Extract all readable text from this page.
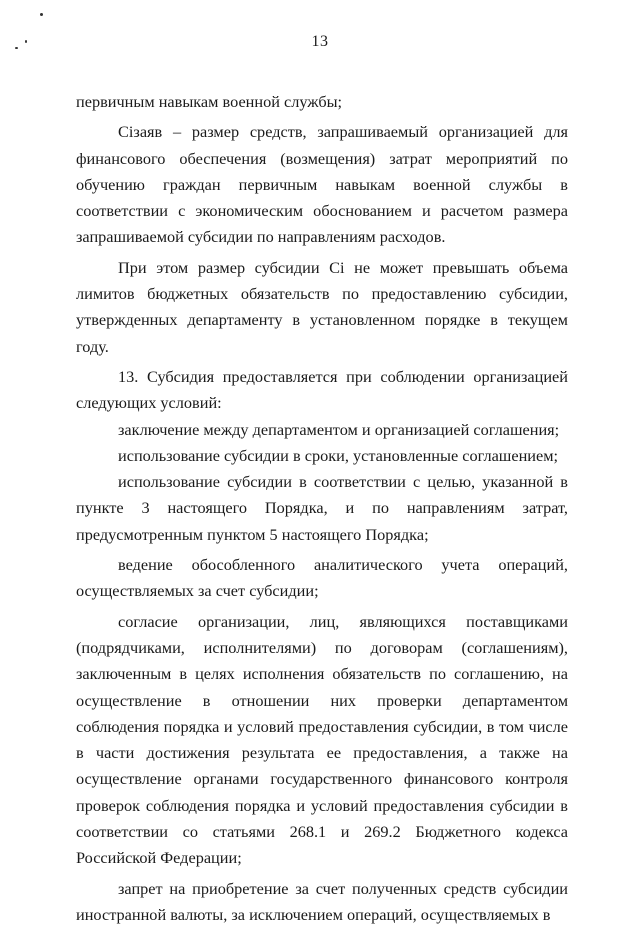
13

первичным навыкам военной службы;

Ciзаяв – размер средств, запрашиваемый организацией для финансового обеспечения (возмещения) затрат мероприятий по обучению граждан первичным навыкам военной службы в соответствии с экономическим обоснованием и расчетом размера запрашиваемой субсидии по направлениям расходов.

При этом размер субсидии Ci не может превышать объема лимитов бюджетных обязательств по предоставлению субсидии, утвержденных департаменту в установленном порядке в текущем году.

13. Субсидия предоставляется при соблюдении организацией следующих условий:

заключение между департаментом и организацией соглашения;

использование субсидии в сроки, установленные соглашением;

использование субсидии в соответствии с целью, указанной в пункте 3 настоящего Порядка, и по направлениям затрат, предусмотренным пунктом 5 настоящего Порядка;

ведение обособленного аналитического учета операций, осуществляемых за счет субсидии;

согласие организации, лиц, являющихся поставщиками (подрядчиками, исполнителями) по договорам (соглашениям), заключенным в целях исполнения обязательств по соглашению, на осуществление в отношении них проверки департаментом соблюдения порядка и условий предоставления субсидии, в том числе в части достижения результата ее предоставления, а также на осуществление органами государственного финансового контроля проверок соблюдения порядка и условий предоставления субсидии в соответствии со статьями 268.1 и 269.2 Бюджетного кодекса Российской Федерации;

запрет на приобретение за счет полученных средств субсидии иностранной валюты, за исключением операций, осуществляемых в
